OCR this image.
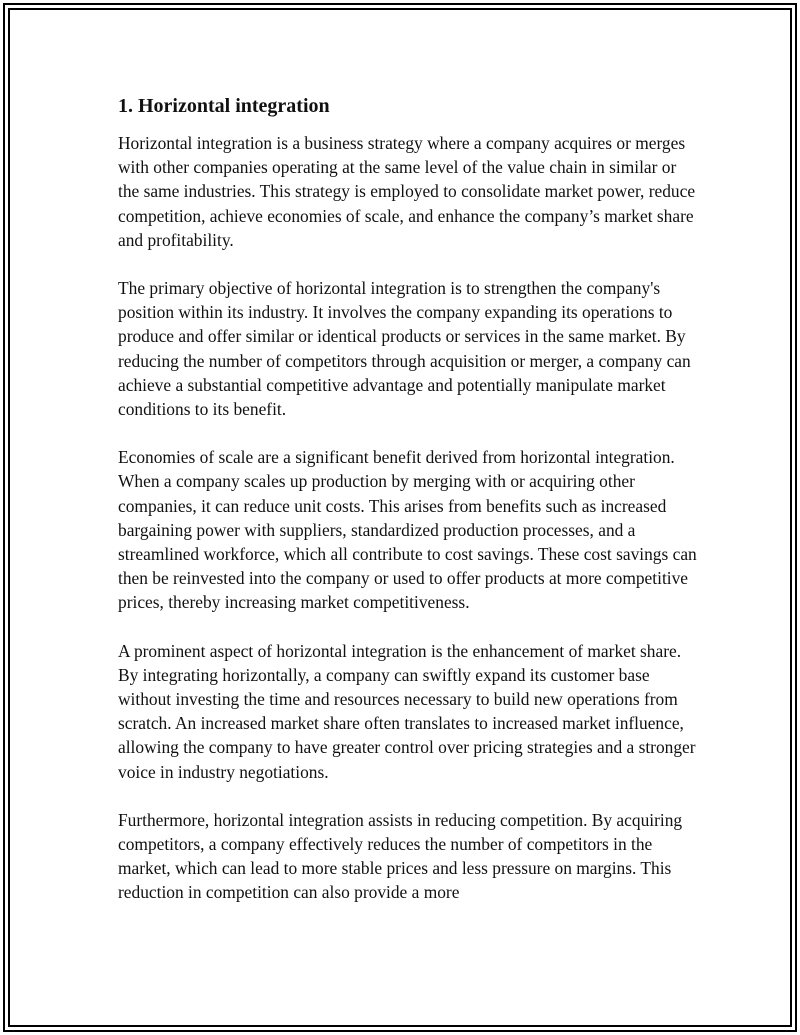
1. Horizontal integration

Horizontal integration is a business strategy where a company acquires or merges with other companies operating at the same level of the value chain in similar or the same industries. This strategy is employed to consolidate market power, reduce competition, achieve economies of scale, and enhance the company’s market share and profitability.

The primary objective of horizontal integration is to strengthen the company's position within its industry. It involves the company expanding its operations to produce and offer similar or identical products or services in the same market. By reducing the number of competitors through acquisition or merger, a company can achieve a substantial competitive advantage and potentially manipulate market conditions to its benefit.

Economies of scale are a significant benefit derived from horizontal integration. When a company scales up production by merging with or acquiring other companies, it can reduce unit costs. This arises from benefits such as increased bargaining power with suppliers, standardized production processes, and a streamlined workforce, which all contribute to cost savings. These cost savings can then be reinvested into the company or used to offer products at more competitive prices, thereby increasing market competitiveness.

A prominent aspect of horizontal integration is the enhancement of market share. By integrating horizontally, a company can swiftly expand its customer base without investing the time and resources necessary to build new operations from scratch. An increased market share often translates to increased market influence, allowing the company to have greater control over pricing strategies and a stronger voice in industry negotiations.

Furthermore, horizontal integration assists in reducing competition. By acquiring competitors, a company effectively reduces the number of competitors in the market, which can lead to more stable prices and less pressure on margins. This reduction in competition can also provide a more
